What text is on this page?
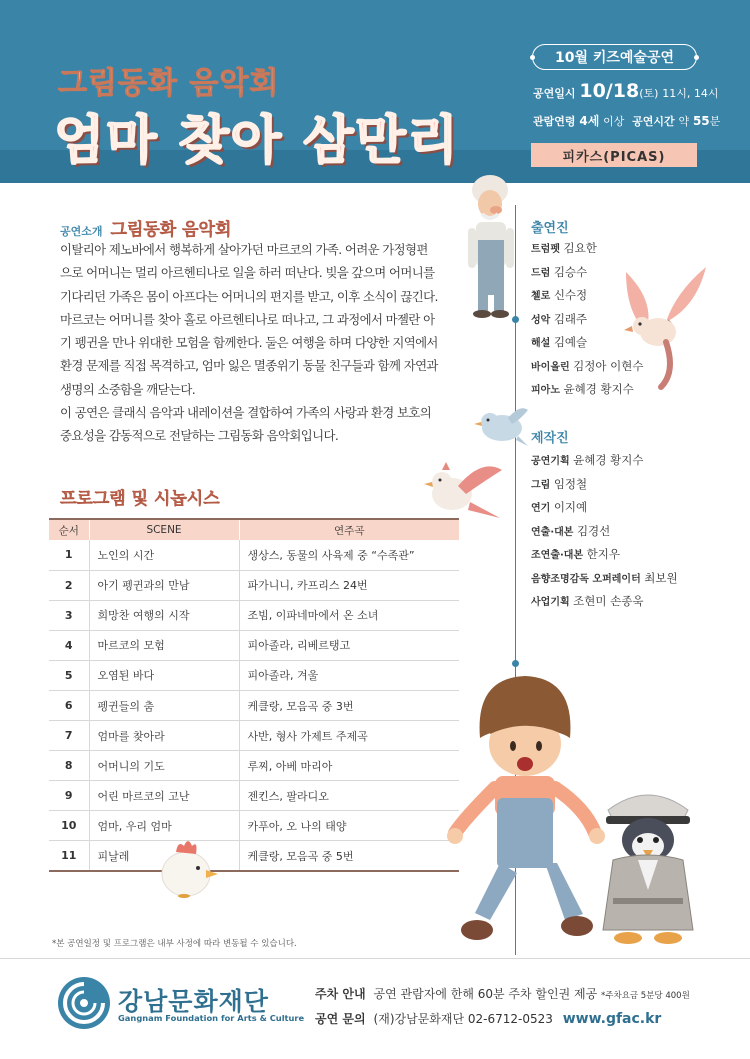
그림동화 음악회
엄마 찾아 삼만리
10월 키즈예술공연
공연일시 10/18(토) 11시, 14시
관람연령 4세 이상 공연시간 약 55분
피카스(PICAS)
공연소개 그림동화 음악회

이탈리아 제노바에서 행복하게 살아가던 마르코의 가족. 어려운 가정형편

으로 어머니는 멀리 아르헨티나로 일을 하러 떠난다. 빚을 갚으며 어머니를

기다리던 가족은 몸이 아프다는 어머니의 편지를 받고, 이후 소식이 끊긴다.

마르코는 어머니를 찾아 홀로 아르헨티나로 떠나고, 그 과정에서 마젤란 아

기 펭귄을 만나 위대한 모험을 함께한다. 둘은 여행을 하며 다양한 지역에서

환경 문제를 직접 목격하고, 엄마 잃은 멸종위기 동물 친구들과 함께 자연과

생명의 소중함을 깨닫는다.

이 공연은 클래식 음악과 내레이션을 결합하여 가족의 사랑과 환경 보호의

중요성을 감동적으로 전달하는 그림동화 음악회입니다.

프로그램 및 시놉시스
순서	SCENE	연주곡
1	노인의 시간	생상스, 동물의 사육제 중 “수족관”
2	아기 펭귄과의 만남	파가니니, 카프리스 24번
3	희망찬 여행의 시작	조빔, 이파네마에서 온 소녀
4	마르코의 모험	피아졸라, 리베르탱고
5	오염된 바다	피아졸라, 겨울
6	펭귄들의 춤	케클랑, 모음곡 중 3번
7	엄마를 찾아라	사반, 형사 가제트 주제곡
8	어머니의 기도	루찌, 아베 마리아
9	어린 마르코의 고난	젠킨스, 팔라디오
10	엄마, 우리 엄마	카푸아, 오 나의 태양
11	피날레	케클랑, 모음곡 중 5번
*본 공연일정 및 프로그램은 내부 사정에 따라 변동될 수 있습니다.
출연진
트럼펫 김요한
드럼 김승수
첼로 신수정
성악 김래주
해설 김예슬
바이올린 김정아 이현수
피아노 윤혜경 황지수
제작진
공연기획 윤혜경 황지수
그림 임정철
연기 이지예
연출·대본 김경선
조연출·대본 한지우
음향조명감독 오퍼레이터 최보원
사업기획 조현미 손종욱
강남문화재단
Gangnam Foundation for Arts & Culture
주차 안내 공연 관람자에 한해 60분 주차 할인권 제공 *주차요금 5분당 400원
공연 문의 (재)강남문화재단 02-6712-0523 www.gfac.kr
